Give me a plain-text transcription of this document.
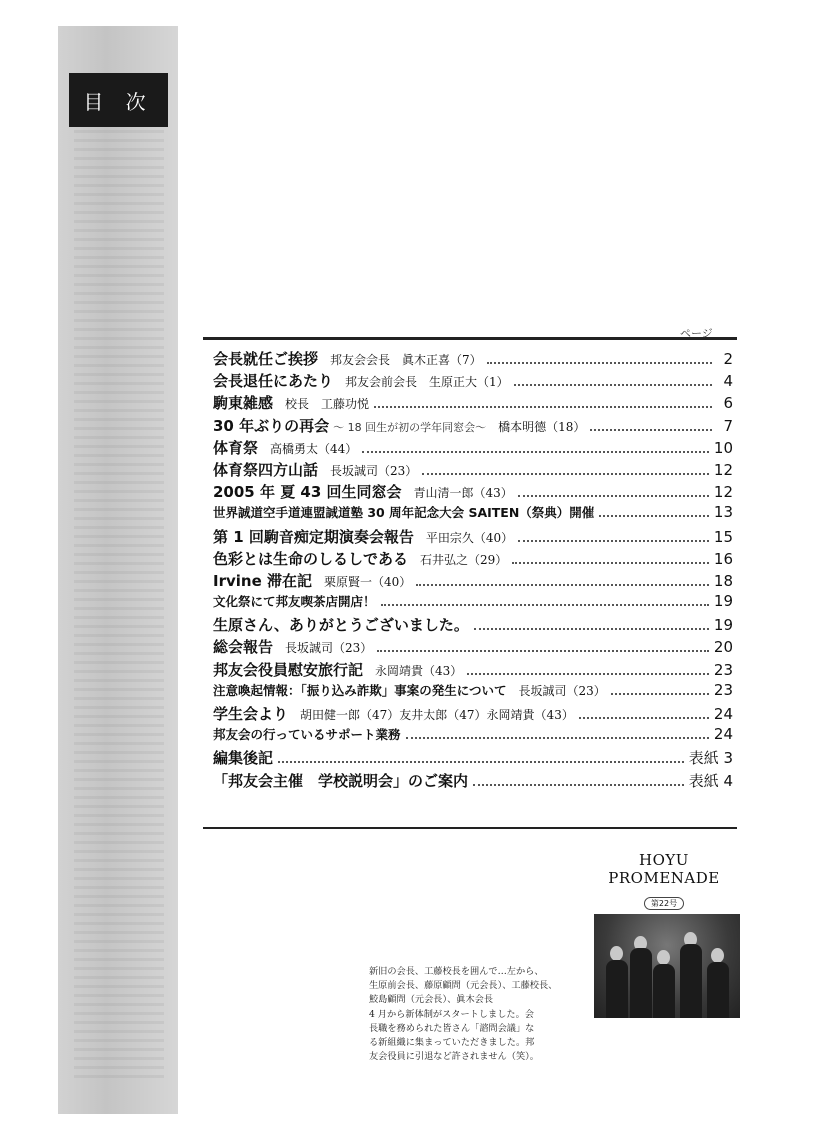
目 次
ページ
会長就任ご挨拶 邦友会会長　眞木正喜（7）	2
会長退任にあたり 邦友会前会長　生原正大（1）	4
駒東雑感 校長　工藤功悦	6
30 年ぶりの再会 ～ 18 回生が初の学年同窓会～ 橋本明德（18）	7
体育祭 高橋勇太（44）	10
体育祭四方山話 長坂誠司（23）	12
2005 年 夏 43 回生同窓会 青山清一郎（43）	12
世界誠道空手道連盟誠道塾 30 周年記念大会 SAITEN（祭典）開催	13
第 1 回駒音痴定期演奏会報告 平田宗久（40）	15
色彩とは生命のしるしである 石井弘之（29）	16
Irvine 滞在記 栗原賢一（40）	18
文化祭にて邦友喫茶店開店！	19
生原さん、ありがとうございました。	19
総会報告 長坂誠司（23）	20
邦友会役員慰安旅行記 永岡靖貴（43）	23
注意喚起情報：「振り込み詐欺」事案の発生について 長坂誠司（23）	23
学生会より 胡田健一郎（47）友井太郎（47）永岡靖貴（43）	24
邦友会の行っているサポート業務	24
編集後記	表紙 3
「邦友会主催　学校説明会」のご案内	表紙 4

HOYU PROMENADE

第22号
新旧の会長、工藤校長を囲んで…左から、
生原前会長、藤原顧問（元会長）、工藤校長、
鮫島顧問（元会長）、眞木会長
4 月から新体制がスタートしました。会
長職を務められた皆さん「諮問会議」な
る新組織に集まっていただきました。邦
友会役員に引退など許されません（笑）。
